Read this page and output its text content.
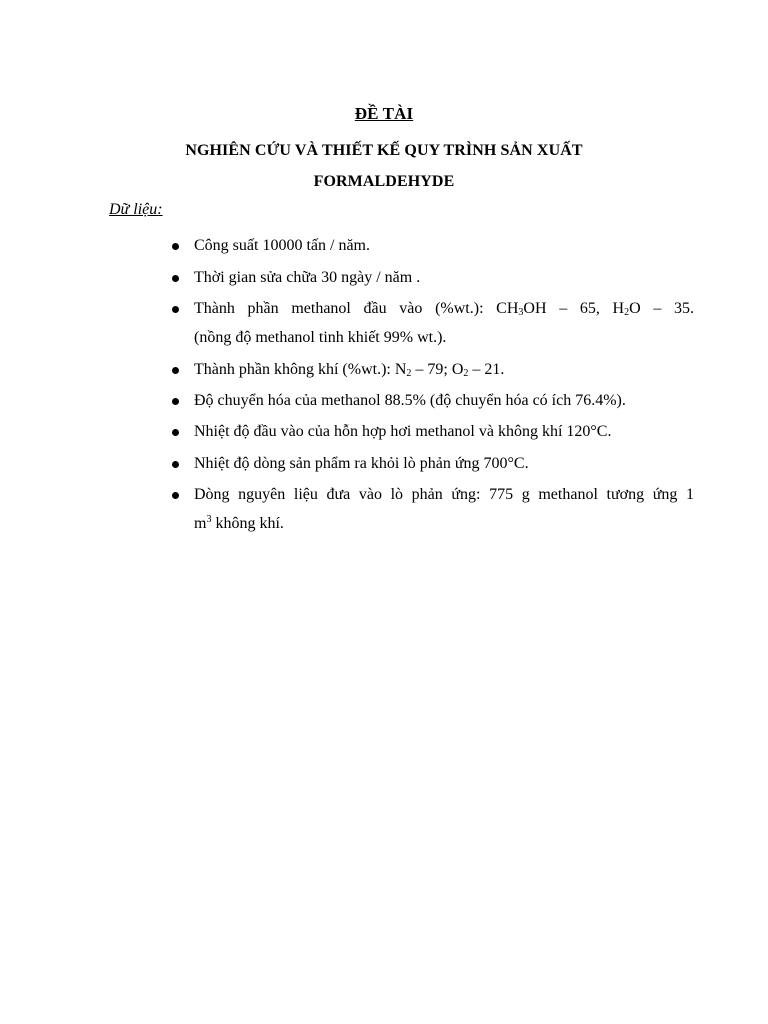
ĐỀ TÀI
NGHIÊN CỨU VÀ THIẾT KẾ QUY TRÌNH SẢN XUẤT
FORMALDEHYDE
Dữ liệu:
Công suất 10000 tấn / năm.
Thời gian sửa chữa 30 ngày / năm .
Thành phần methanol đầu vào (%wt.): $CH_3OH - 65$, $H_2O - 35$.
(nồng độ methanol tinh khiết 99% wt.).
Thành phần không khí (%wt.): $N_2 - 79$; $O_2 - 21$.
Độ chuyển hóa của methanol 88.5% (độ chuyển hóa có ích 76.4%).
Nhiệt độ đầu vào của hỗn hợp hơi methanol và không khí 120°C.
Nhiệt độ dòng sản phẩm ra khỏi lò phản ứng 700°C.
Dòng nguyên liệu đưa vào lò phản ứng: 775 g methanol tương ứng 1
$m^3$ không khí.
